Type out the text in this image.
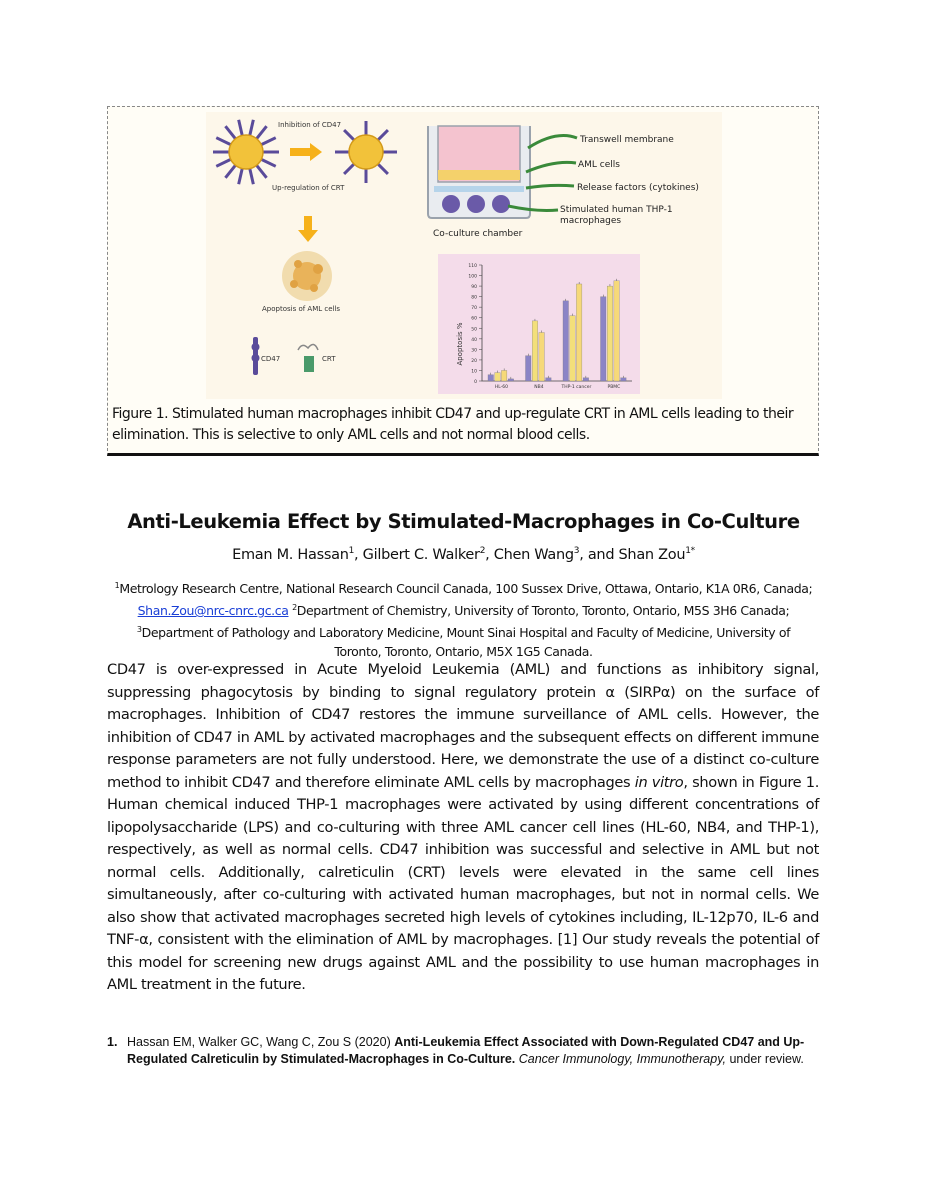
Inhibition of CD47
Up-regulation of CRT
Apoptosis of AML cells
CD47	CRT
Transwell membrane
AML cells
Release factors (cytokines)
Stimulated human THP-1
macrophages
Co-culture chamber
0
10
20
30
40
50
60
70
80
90
100
110
HL-60	NB4	THP-1 cancer	PBMC
Apoptosis %
Figure 1. Stimulated human macrophages inhibit CD47 and up-regulate CRT in AML cells leading to their elimination. This is selective to only AML cells and not normal blood cells.
Anti-Leukemia Effect by Stimulated-Macrophages in Co-Culture
Eman M. Hassan$^1$, Gilbert C. Walker$^2$, Chen Wang$^3$, and Shan Zou$^{1*}$
$^1$Metrology Research Centre, National Research Council Canada, 100 Sussex Drive, Ottawa, Ontario, K1A 0R6, Canada; Shan.Zou@nrc-cnrc.gc.ca $^2$Department of Chemistry, University of Toronto, Toronto, Ontario, M5S 3H6 Canada; $^3$Department of Pathology and Laboratory Medicine, Mount Sinai Hospital and Faculty of Medicine, University of Toronto, Toronto, Ontario, M5X 1G5 Canada.

CD47 is over-expressed in Acute Myeloid Leukemia (AML) and functions as inhibitory signal, suppressing phagocytosis by binding to signal regulatory protein α (SIRPα) on the surface of macrophages. Inhibition of CD47 restores the immune surveillance of AML cells. However, the inhibition of CD47 in AML by activated macrophages and the subsequent effects on different immune response parameters are not fully understood. Here, we demonstrate the use of a distinct co-culture method to inhibit CD47 and therefore eliminate AML cells by macrophages in vitro, shown in Figure 1. Human chemical induced THP-1 macrophages were activated by using different concentrations of lipopolysaccharide (LPS) and co-culturing with three AML cancer cell lines (HL-60, NB4, and THP-1), respectively, as well as normal cells. CD47 inhibition was successful and selective in AML but not normal cells. Additionally, calreticulin (CRT) levels were elevated in the same cell lines simultaneously, after co-culturing with activated human macrophages, but not in normal cells. We also show that activated macrophages secreted high levels of cytokines including, IL-12p70, IL-6 and TNF-α, consistent with the elimination of AML by macrophages. [1] Our study reveals the potential of this model for screening new drugs against AML and the possibility to use human macrophages in AML treatment in the future.

1. Hassan EM, Walker GC, Wang C, Zou S (2020) Anti-Leukemia Effect Associated with Down-Regulated CD47 and Up-Regulated Calreticulin by Stimulated-Macrophages in Co-Culture. Cancer Immunology, Immunotherapy, under review.
